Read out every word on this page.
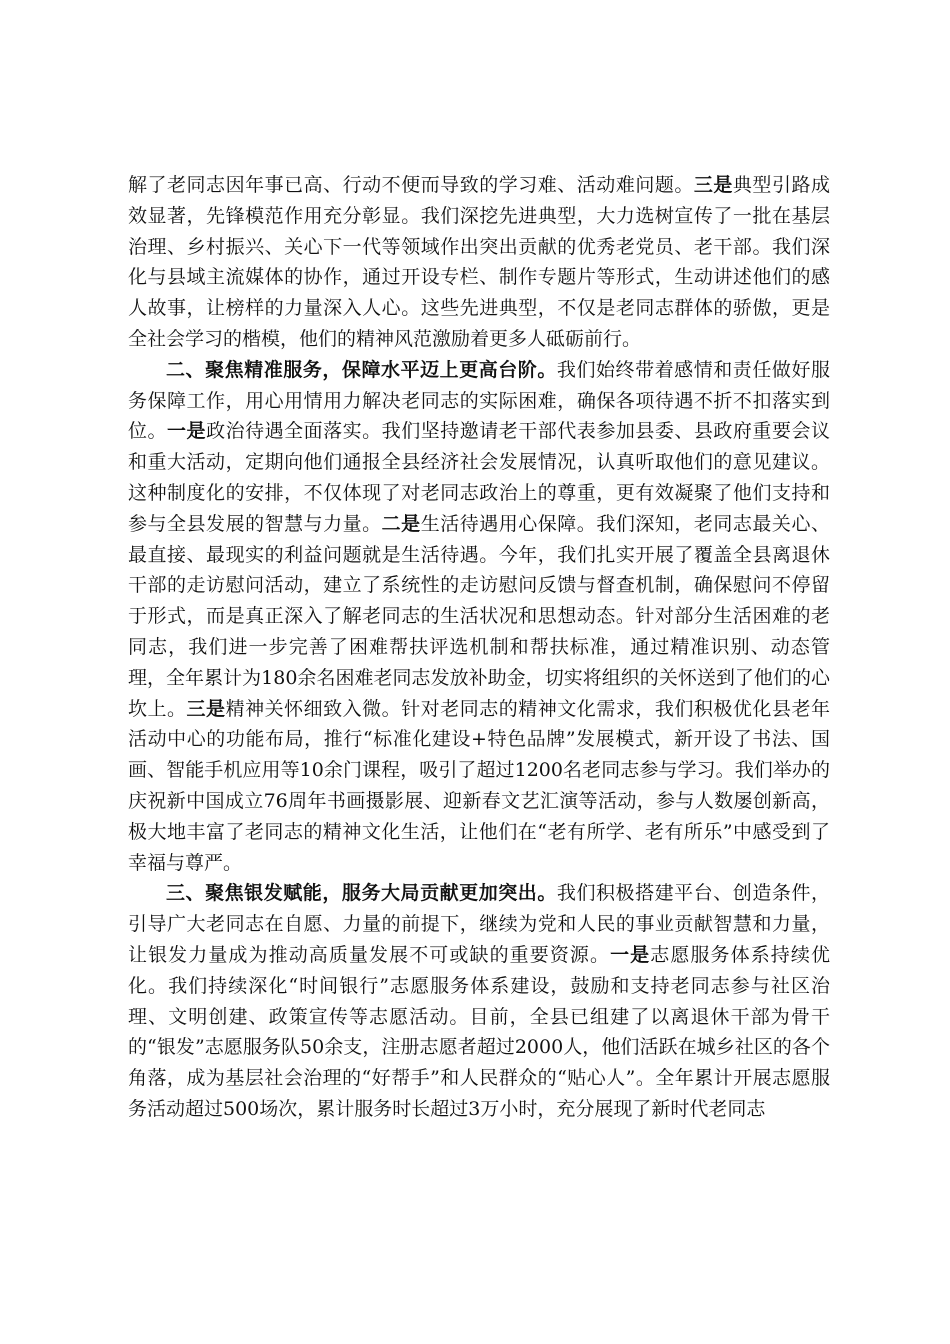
解了老同志因年事已高、行动不便而导致的学习难、活动难问题。三是典型引路成效显著，先锋模范作用充分彰显。我们深挖先进典型，大力选树宣传了一批在基层治理、乡村振兴、关心下一代等领域作出突出贡献的优秀老党员、老干部。我们深化与县域主流媒体的协作，通过开设专栏、制作专题片等形式，生动讲述他们的感人故事，让榜样的力量深入人心。这些先进典型，不仅是老同志群体的骄傲，更是全社会学习的楷模，他们的精神风范激励着更多人砥砺前行。

二、聚焦精准服务，保障水平迈上更高台阶。我们始终带着感情和责任做好服务保障工作，用心用情用力解决老同志的实际困难，确保各项待遇不折不扣落实到位。一是政治待遇全面落实。我们坚持邀请老干部代表参加县委、县政府重要会议和重大活动，定期向他们通报全县经济社会发展情况，认真听取他们的意见建议。这种制度化的安排，不仅体现了对老同志政治上的尊重，更有效凝聚了他们支持和参与全县发展的智慧与力量。二是生活待遇用心保障。我们深知，老同志最关心、最直接、最现实的利益问题就是生活待遇。今年，我们扎实开展了覆盖全县离退休干部的走访慰问活动，建立了系统性的走访慰问反馈与督查机制，确保慰问不停留于形式，而是真正深入了解老同志的生活状况和思想动态。针对部分生活困难的老同志，我们进一步完善了困难帮扶评选机制和帮扶标准，通过精准识别、动态管理，全年累计为180余名困难老同志发放补助金，切实将组织的关怀送到了他们的心坎上。三是精神关怀细致入微。针对老同志的精神文化需求，我们积极优化县老年活动中心的功能布局，推行“标准化建设+特色品牌”发展模式，新开设了书法、国画、智能手机应用等10余门课程，吸引了超过1200名老同志参与学习。我们举办的庆祝新中国成立76周年书画摄影展、迎新春文艺汇演等活动，参与人数屡创新高，极大地丰富了老同志的精神文化生活，让他们在“老有所学、老有所乐”中感受到了幸福与尊严。

三、聚焦银发赋能，服务大局贡献更加突出。我们积极搭建平台、创造条件，引导广大老同志在自愿、力量的前提下，继续为党和人民的事业贡献智慧和力量，让银发力量成为推动高质量发展不可或缺的重要资源。一是志愿服务体系持续优化。我们持续深化“时间银行”志愿服务体系建设，鼓励和支持老同志参与社区治理、文明创建、政策宣传等志愿活动。目前，全县已组建了以离退休干部为骨干的“银发”志愿服务队50余支，注册志愿者超过2000人，他们活跃在城乡社区的各个角落，成为基层社会治理的“好帮手”和人民群众的“贴心人”。全年累计开展志愿服务活动超过500场次，累计服务时长超过3万小时，充分展现了新时代老同志
